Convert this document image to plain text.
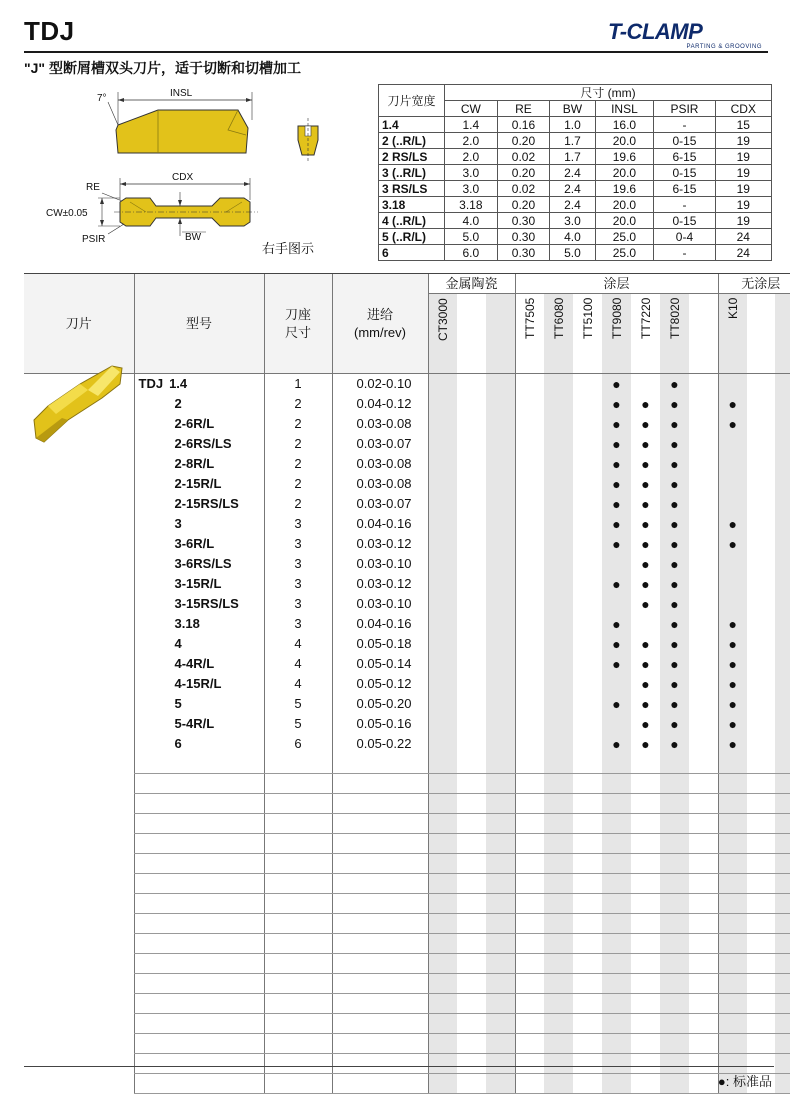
TDJ	T-CLAMP
PARTING & GROOVING
"J" 型断屑槽双头刀片，适于切断和切槽加工
7°	INSL
CDX
RE
CW±0.05
PSIR	BW
右手图示
刀片宽度	尺寸 (mm)					
	CW	RE	BW	INSL	PSIR	CDX
1.4	1.4	0.16	1.0	16.0	-	15
2 (..R/L)	2.0	0.20	1.7	20.0	0-15	19
2 RS/LS	2.0	0.02	1.7	19.6	6-15	19
3 (..R/L)	3.0	0.20	2.4	20.0	0-15	19
3 RS/LS	3.0	0.02	2.4	19.6	6-15	19
3.18	3.18	0.20	2.4	20.0	-	19
4 (..R/L)	4.0	0.30	3.0	20.0	0-15	19
5 (..R/L)	5.0	0.30	4.0	25.0	0-4	24
6	6.0	0.30	5.0	25.0	-	24
刀片	型号	刀座
尺寸	进给
(mm/rev)	金属陶瓷			涂层							无涂层		
				CT3000			TT7505	TT6080	TT5100	TT9080	TT7220	TT8020		K10		
	TDJ 1.4	1	0.02-0.10							●		●				
	2	2	0.04-0.12							●	●	●		●		
	2-6R/L	2	0.03-0.08							●	●	●		●		
	2-6RS/LS	2	0.03-0.07							●	●	●				
	2-8R/L	2	0.03-0.08							●	●	●				
	2-15R/L	2	0.03-0.08							●	●	●				
	2-15RS/LS	2	0.03-0.07							●	●	●				
	3	3	0.04-0.16							●	●	●		●		
	3-6R/L	3	0.03-0.12							●	●	●		●		
	3-6RS/LS	3	0.03-0.10								●	●				
	3-15R/L	3	0.03-0.12							●	●	●				
	3-15RS/LS	3	0.03-0.10								●	●				
	3.18	3	0.04-0.16							●		●		●		
	4	4	0.05-0.18							●	●	●		●		
	4-4R/L	4	0.05-0.14							●	●	●		●		
	4-15R/L	4	0.05-0.12								●	●		●		
	5	5	0.05-0.20							●	●	●		●		
	5-4R/L	5	0.05-0.16								●	●		●		
	6	6	0.05-0.22							●	●	●		●		

●: 标准品
